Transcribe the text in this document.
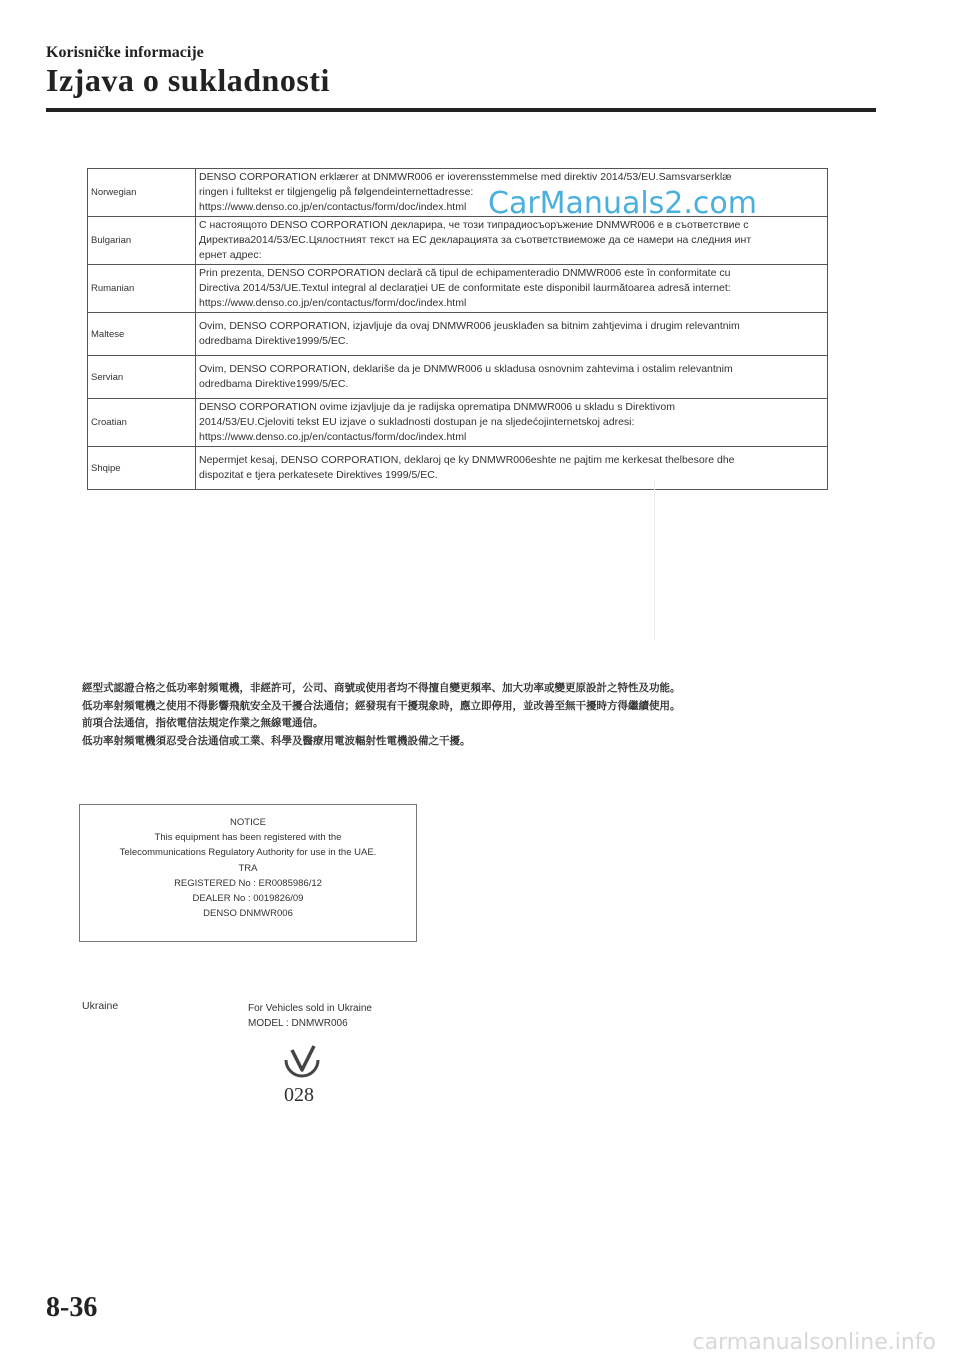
Korisničke informacije
Izjava o sukladnosti
Norwegian	DENSO CORPORATION erklærer at DNMWR006 er ioverensstemmelse med direktiv 2014/53/EU.Samsvarserklæ
ringen i fulltekst er tilgjengelig på følgendeinternettadresse:
https://www.denso.co.jp/en/contactus/form/doc/index.html

Bulgarian	С настоящото DENSO CORPORATION декларира, че този типрадиосъоръжение DNMWR006 е в съответствие с
Директива2014/53/ЕС.Цялостният текст на ЕС декларацията за съответствиеможе да се намери на следния инт
ернет адрес:

Rumanian	Prin prezenta, DENSO CORPORATION declară că tipul de echipamenteradio DNMWR006 este în conformitate cu
Directiva 2014/53/UE.Textul integral al declarației UE de conformitate este disponibil laurmătoarea adresă internet:
https://www.denso.co.jp/en/contactus/form/doc/index.html

Maltese	Ovim, DENSO CORPORATION, izjavljuje da ovaj DNMWR006 jeusklađen sa bitnim zahtjevima i drugim relevantnim
odredbama Direktive1999/5/EC.

Servian	Ovim, DENSO CORPORATION, deklariše da je DNMWR006 u skladusa osnovnim zahtevima i ostalim relevantnim
odredbama Direktive1999/5/EC.

Croatian	DENSO CORPORATION ovime izjavljuje da je radijska oprematipa DNMWR006 u skladu s Direktivom
2014/53/EU.Cjeloviti tekst EU izjave o sukladnosti dostupan je na sljedećojinternetskoj adresi:
https://www.denso.co.jp/en/contactus/form/doc/index.html

Shqipe	Nepermjet kesaj, DENSO CORPORATION, deklaroj qe ky DNMWR006eshte ne pajtim me kerkesat thelbesore dhe
dispozitat e tjera perkatesete Direktives 1999/5/EC.
CarManuals2.com
經型式認證合格之低功率射頻電機，非經許可，公司、商號或使用者均不得擅自變更頻率、加大功率或變更原設計之特性及功能。
低功率射頻電機之使用不得影響飛航安全及干擾合法通信；經發現有干擾現象時，應立即停用，並改善至無干擾時方得繼續使用。
前項合法通信，指依電信法規定作業之無線電通信。
低功率射頻電機須忍受合法通信或工業、科學及醫療用電波輻射性電機設備之干擾。
NOTICE
This equipment has been registered with the
Telecommunications Regulatory Authority for use in the UAE.
TRA
REGISTERED No : ER0085986/12
DEALER No : 0019826/09
DENSO DNMWR006
Ukraine	For Vehicles sold in Ukraine
MODEL : DNMWR006
028
8-36
carmanualsonline.info
